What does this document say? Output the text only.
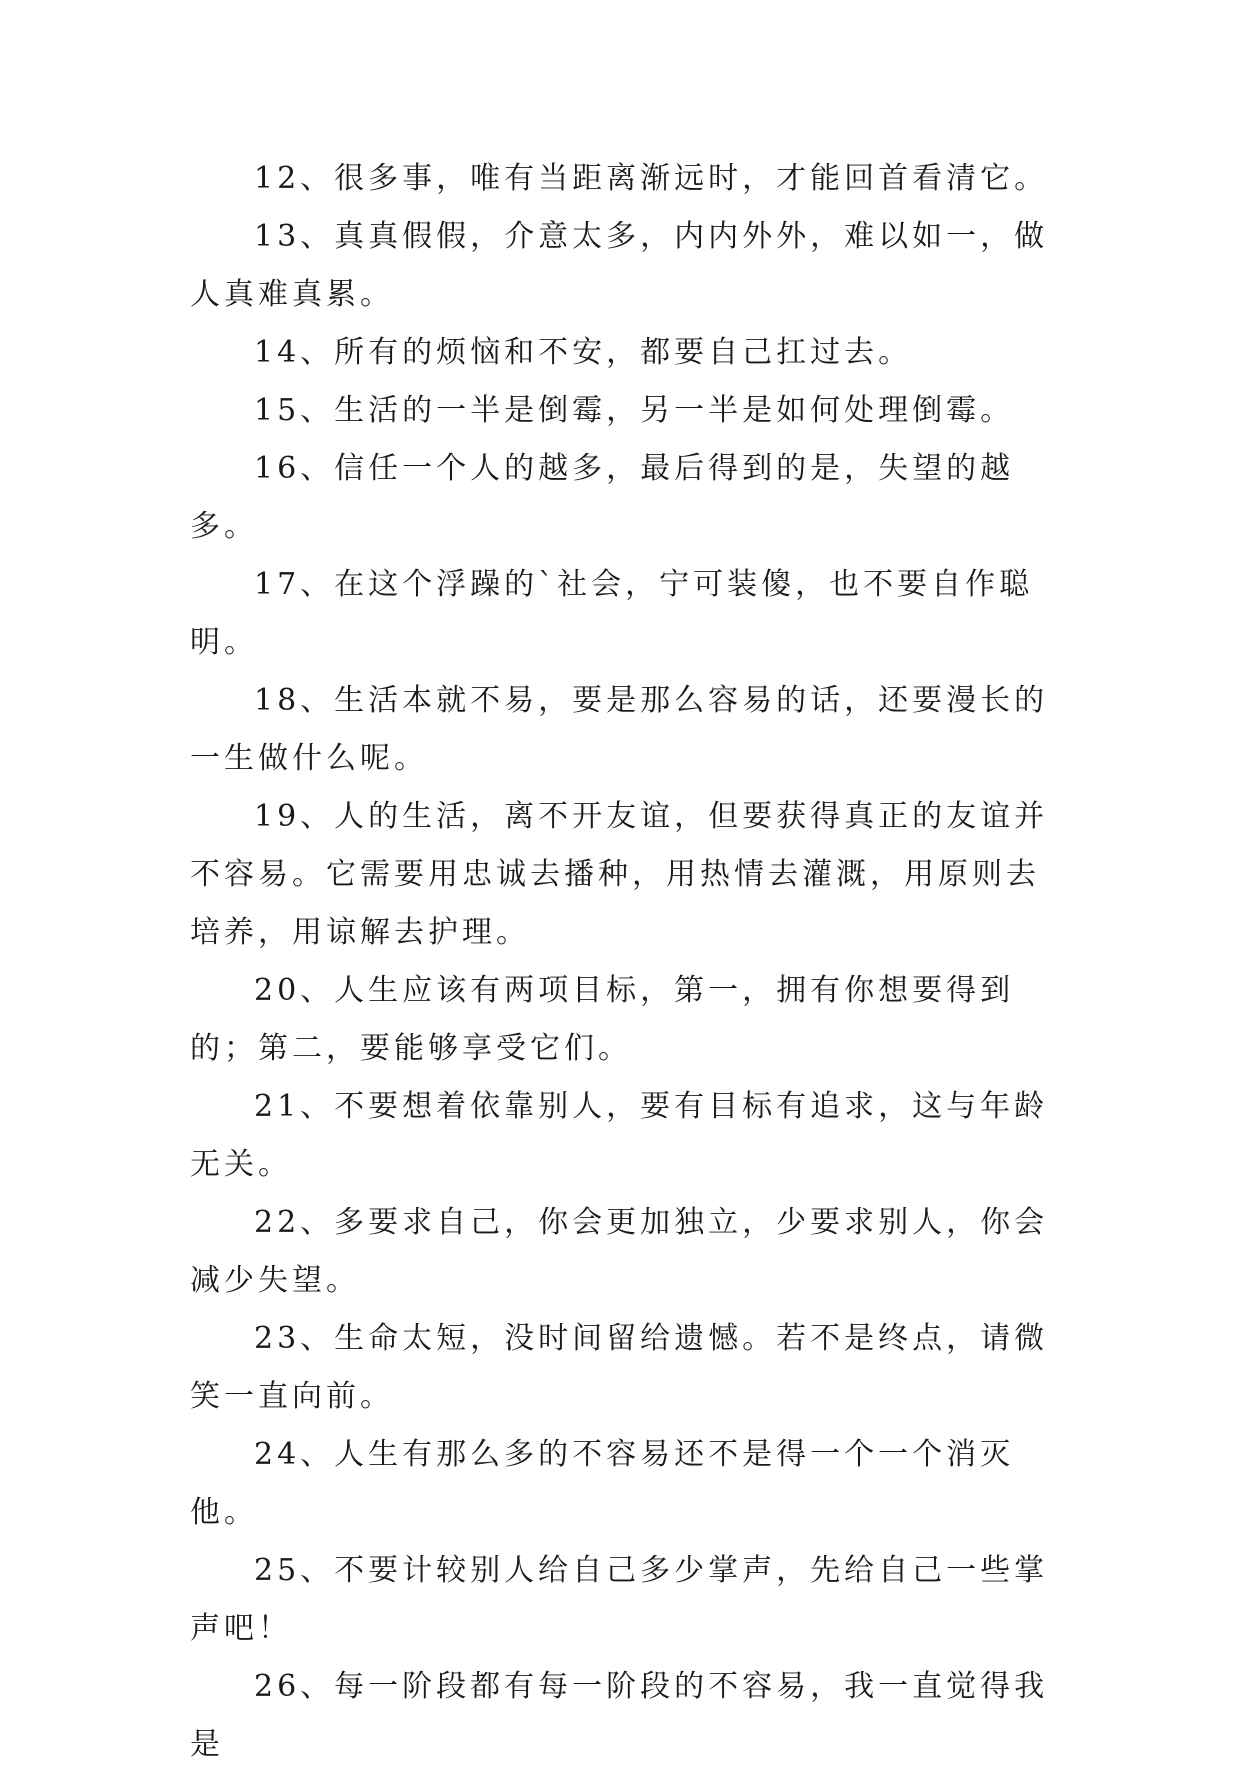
12、很多事，唯有当距离渐远时，才能回首看清它。

13、真真假假，介意太多，内内外外，难以如一，做人真难真累。

14、所有的烦恼和不安，都要自己扛过去。

15、生活的一半是倒霉，另一半是如何处理倒霉。

16、信任一个人的越多，最后得到的是，失望的越多。

17、在这个浮躁的`社会，宁可装傻，也不要自作聪明。

18、生活本就不易，要是那么容易的话，还要漫长的一生做什么呢。

19、人的生活，离不开友谊，但要获得真正的友谊并不容易。它需要用忠诚去播种，用热情去灌溉，用原则去培养，用谅解去护理。

20、人生应该有两项目标，第一，拥有你想要得到的；第二，要能够享受它们。

21、不要想着依靠别人，要有目标有追求，这与年龄无关。

22、多要求自己，你会更加独立，少要求别人，你会减少失望。

23、生命太短，没时间留给遗憾。若不是终点，请微笑一直向前。

24、人生有那么多的不容易还不是得一个一个消灭他。

25、不要计较别人给自己多少掌声，先给自己一些掌声吧！

26、每一阶段都有每一阶段的不容易，我一直觉得我是
